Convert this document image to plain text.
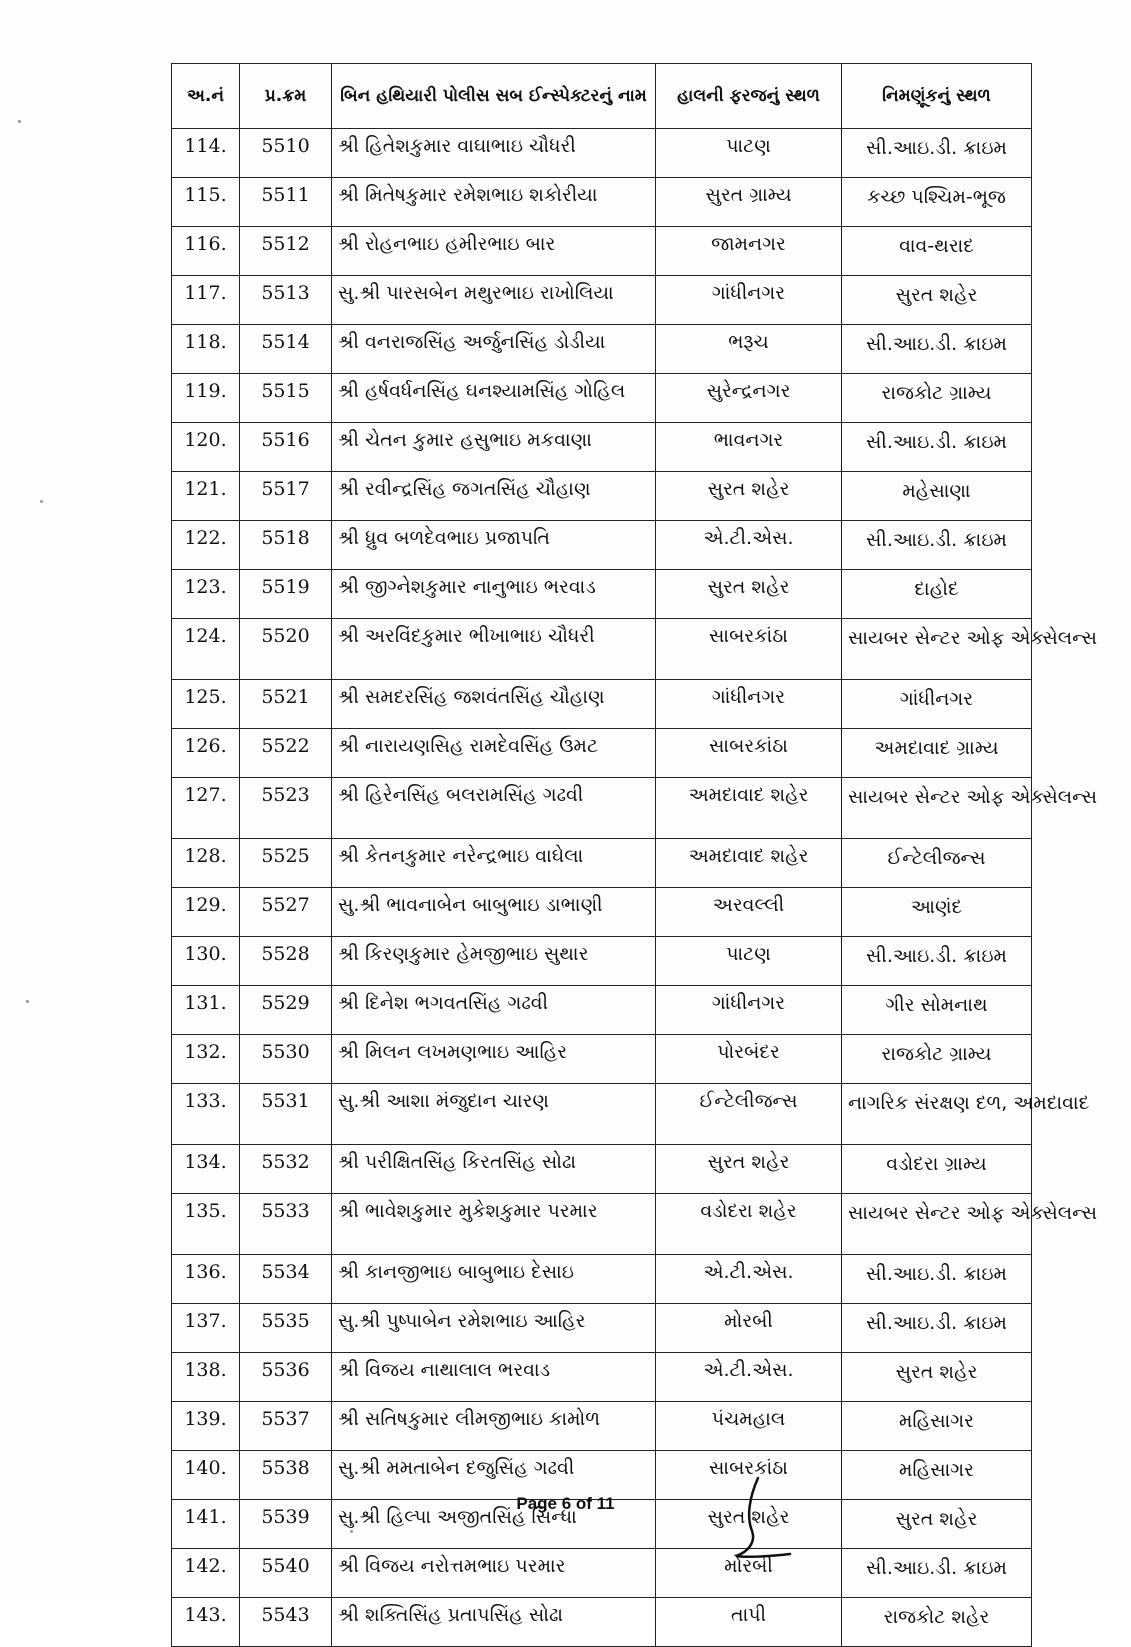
અ.નં	પ્ર.ક્રમ	બિન હથિયારી પોલીસ સબ ઈન્સ્પેક્ટરનું નામ	હાલની ફરજનું સ્થળ	નિમણૂંકનું સ્થળ
114.	5510	શ્રી હિતેશકુમાર વાઘાભાઇ ચૌધરી	પાટણ	સી.આઇ.ડી. ક્રાઇમ
115.	5511	શ્રી મિતેષકુમાર રમેશભાઇ શકોરીયા	સુરત ગ્રામ્ય	કચ્છ પશ્ચિમ-ભૂજ
116.	5512	શ્રી રોહનભાઇ હમીરભાઇ બાર	જામનગર	વાવ-થરાદ
117.	5513	સુ.શ્રી પારસબેન મથુરભાઇ રાખોલિયા	ગાંધીનગર	સુરત શહેર
118.	5514	શ્રી વનરાજસિંહ અર્જુનસિંહ ડોડીયા	ભરૂચ	સી.આઇ.ડી. ક્રાઇમ
119.	5515	શ્રી હર્ષવર્ધનસિંહ ઘનશ્યામસિંહ ગોહિલ	સુરેન્દ્રનગર	રાજકોટ ગ્રામ્ય
120.	5516	શ્રી ચેતન કુમાર હસુભાઇ મકવાણા	ભાવનગર	સી.આઇ.ડી. ક્રાઇમ
121.	5517	શ્રી રવીન્દ્રસિંહ જગતસિંહ ચૌહાણ	સુરત શહેર	મહેસાણા
122.	5518	શ્રી ધ્રુવ બળદેવભાઇ પ્રજાપતિ	એ.ટી.એસ.	સી.આઇ.ડી. ક્રાઇમ
123.	5519	શ્રી જીગ્નેશકુમાર નાનુભાઇ ભરવાડ	સુરત શહેર	દાહોદ
124.	5520	શ્રી અરવિંદકુમાર ભીખાભાઇ ચૌધરી	સાબરકાંઠા	સાયબર સેન્ટર ઓફ એક્સેલન્સ
125.	5521	શ્રી સમદરસિંહ જશવંતસિંહ ચૌહાણ	ગાંધીનગર	ગાંધીનગર
126.	5522	શ્રી નારાયણસિહ રામદેવસિંહ ઉમટ	સાબરકાંઠા	અમદાવાદ ગ્રામ્ય
127.	5523	શ્રી હિરેનસિંહ બલરામસિંહ ગઢવી	અમદાવાદ શહેર	સાયબર સેન્ટર ઓફ એક્સેલન્સ
128.	5525	શ્રી કેતનકુમાર નરેન્દ્રભાઇ વાઘેલા	અમદાવાદ શહેર	ઈન્ટેલીજન્સ
129.	5527	સુ.શ્રી ભાવનાબેન બાબુભાઇ ડાભાણી	અરવલ્લી	આણંદ
130.	5528	શ્રી કિરણકુમાર હેમજીભાઇ સુથાર	પાટણ	સી.આઇ.ડી. ક્રાઇમ
131.	5529	શ્રી દિનેશ ભગવતસિંહ ગઢવી	ગાંધીનગર	ગીર સોમનાથ
132.	5530	શ્રી મિલન લખમણભાઇ આહિર	પોરબંદર	રાજકોટ ગ્રામ્ય
133.	5531	સુ.શ્રી આશા મંજુદાન ચારણ	ઈન્ટેલીજન્સ	નાગરિક સંરક્ષણ દળ, અમદાવાદ
134.	5532	શ્રી પરીક્ષિતસિંહ કિરતસિંહ સોઢા	સુરત શહેર	વડોદરા ગ્રામ્ય
135.	5533	શ્રી ભાવેશકુમાર મુકેશકુમાર પરમાર	વડોદરા શહેર	સાયબર સેન્ટર ઓફ એક્સેલન્સ
136.	5534	શ્રી કાનજીભાઇ બાબુભાઇ દેસાઇ	એ.ટી.એસ.	સી.આઇ.ડી. ક્રાઇમ
137.	5535	સુ.શ્રી પુષ્પાબેન રમેશભાઇ આહિર	મોરબી	સી.આઇ.ડી. ક્રાઇમ
138.	5536	શ્રી વિજય નાથાલાલ ભરવાડ	એ.ટી.એસ.	સુરત શહેર
139.	5537	શ્રી સતિષકુમાર લીમજીભાઇ કામોળ	પંચમહાલ	મહિસાગર
140.	5538	સુ.શ્રી મમતાબેન દજુસિંહ ગઢવી	સાબરકાંઠા	મહિસાગર
141.	5539	સુ.શ્રી હિલ્પા અજીતસિંહ સિન્ધા	સુરત શહેર	સુરત શહેર
142.	5540	શ્રી વિજય નરોત્તમભાઇ પરમાર	મોરબી	સી.આઇ.ડી. ક્રાઇમ
143.	5543	શ્રી શક્તિસિંહ પ્રતાપસિંહ સોઢા	તાપી	રાજકોટ શહેર
Page 6 of 11
